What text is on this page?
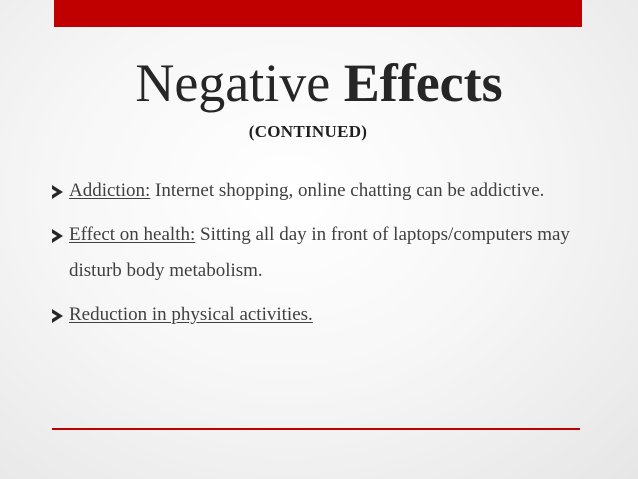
Negative Effects
(CONTINUED)
Addiction: Internet shopping, online chatting can be addictive.
Effect on health: Sitting all day in front of laptops/computers may disturb body metabolism.
Reduction in physical activities.
